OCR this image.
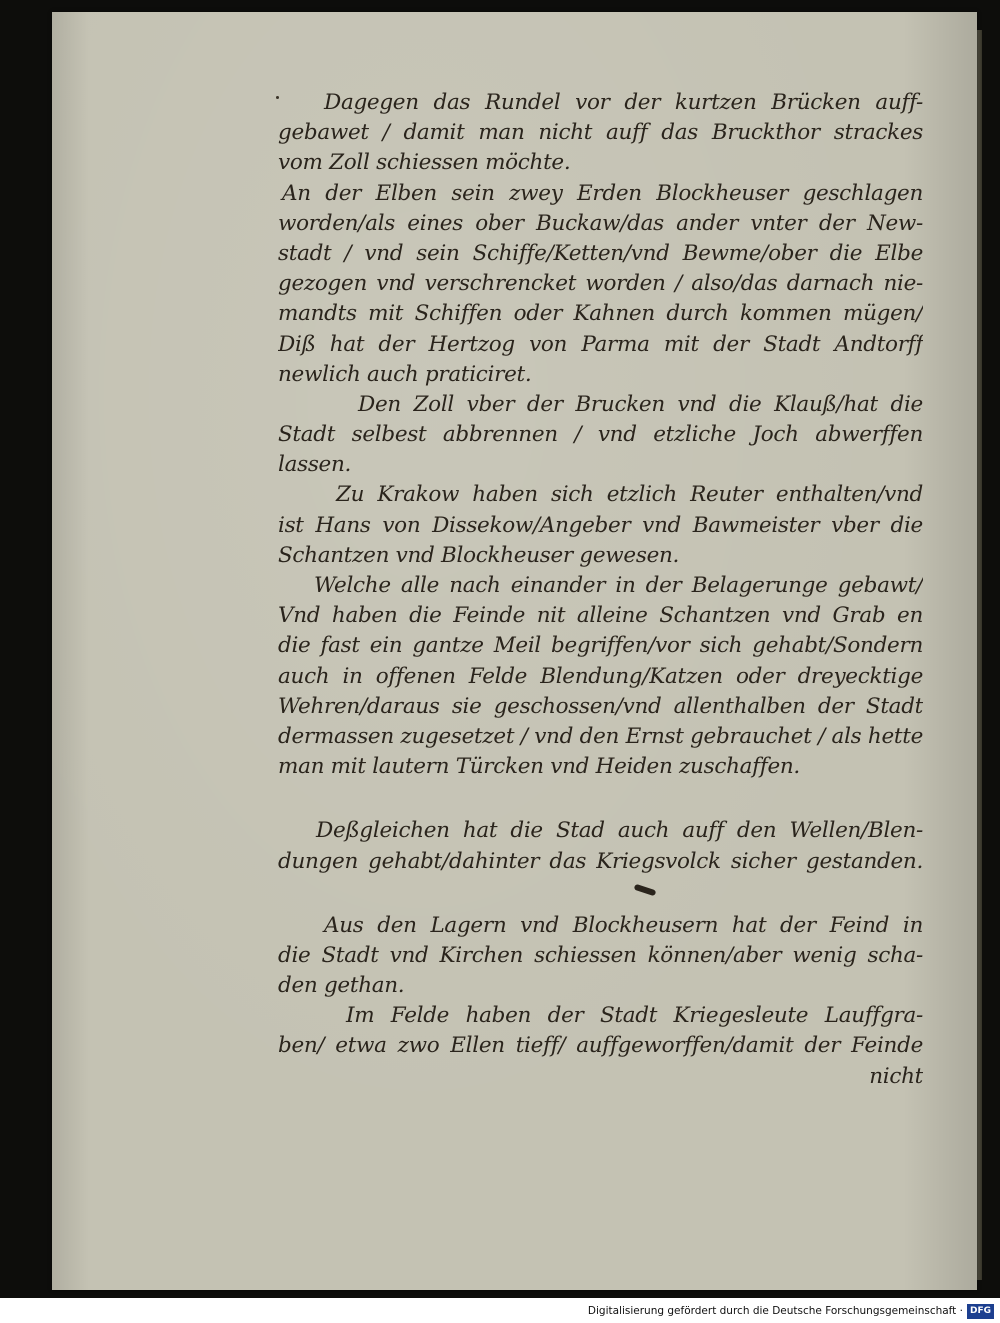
Dagegen das Rundel vor der kurtzen Brücken auff-
gebawet / damit man nicht auff das Bruckthor strackes
vom Zoll schiessen möchte.
An der Elben sein zwey Erden Blockheuser geschlagen
worden/als eines ober Buckaw/das ander vnter der New-
stadt / vnd sein Schiffe/Ketten/vnd Bewme/ober die Elbe
gezogen vnd verschrencket worden / also/das darnach nie-
mandts mit Schiffen oder Kahnen durch kommen mügen/
Diß hat der Hertzog von Parma mit der Stadt Andtorff
newlich auch praticiret.
Den Zoll vber der Brucken vnd die Klauß/hat die
Stadt selbest abbrennen / vnd etzliche Joch abwerffen
lassen.
Zu Krakow haben sich etzlich Reuter enthalten/vnd
ist Hans von Dissekow/Angeber vnd Bawmeister vber die
Schantzen vnd Blockheuser gewesen.
Welche alle nach einander in der Belagerunge gebawt/
Vnd haben die Feinde nit alleine Schantzen vnd Grab en
die fast ein gantze Meil begriffen/vor sich gehabt/Sondern
auch in offenen Felde Blendung/Katzen oder dreyecktige
Wehren/daraus sie geschossen/vnd allenthalben der Stadt
dermassen zugesetzet / vnd den Ernst gebrauchet / als hette
man mit lautern Türcken vnd Heiden zuschaffen.
Deßgleichen hat die Stad auch auff den Wellen/Blen-
dungen gehabt/dahinter das Kriegsvolck sicher gestanden.
Aus den Lagern vnd Blockheusern hat der Feind in
die Stadt vnd Kirchen schiessen können/aber wenig scha-
den gethan.
Im Felde haben der Stadt Kriegesleute Lauffgra-
ben/ etwa zwo Ellen tieff/ auffgeworffen/damit der Feinde
nicht
Digitalisierung gefördert durch die Deutsche Forschungsgemeinschaft · DFG
